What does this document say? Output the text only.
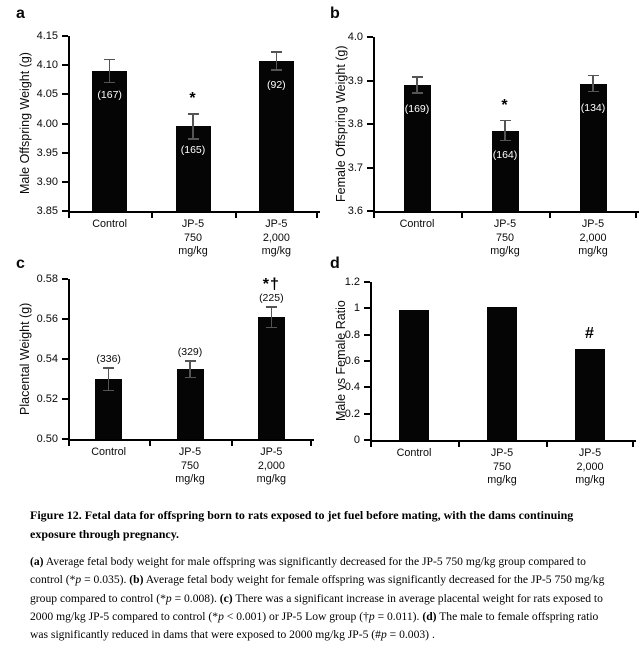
a
Male Offspring Weight (g)
4.15
4.10
4.05
4.00
3.95
3.90
3.85
(167)
Control
(165)
*
JP-5
750
mg/kg
(92)
JP-5
2,000
mg/kg
b
Female Offspring Weight (g)
4.0
3.9
3.8
3.7
3.6
(169)
Control
(164)
*
JP-5
750
mg/kg
(134)
JP-5
2,000
mg/kg
c
Placental Weight (g)
0.58
0.56
0.54
0.52
0.50
(336)
Control
(329)
JP-5
750
mg/kg
(225)
*†
JP-5
2,000
mg/kg
d
Male vs Female Ratio
1.2
1
0.8
0.6
0.4
0.2
0
Control	JP-5
750
mg/kg
#
JP-5
2,000
mg/kg

Figure 12. Fetal data for offspring born to rats exposed to jet fuel before mating, with the dams continuing exposure through pregnancy.

(a) Average fetal body weight for male offspring was significantly decreased for the JP-5 750 mg/kg group compared to control (*p = 0.035). (b) Average fetal body weight for female offspring was significantly decreased for the JP-5 750 mg/kg group compared to control (*p = 0.008). (c) There was a significant increase in average placental weight for rats exposed to 2000 mg/kg JP-5 compared to control (*p < 0.001) or JP-5 Low group (†p = 0.011). (d) The male to female offspring ratio was significantly reduced in dams that were exposed to 2000 mg/kg JP-5 (#p = 0.003) .
